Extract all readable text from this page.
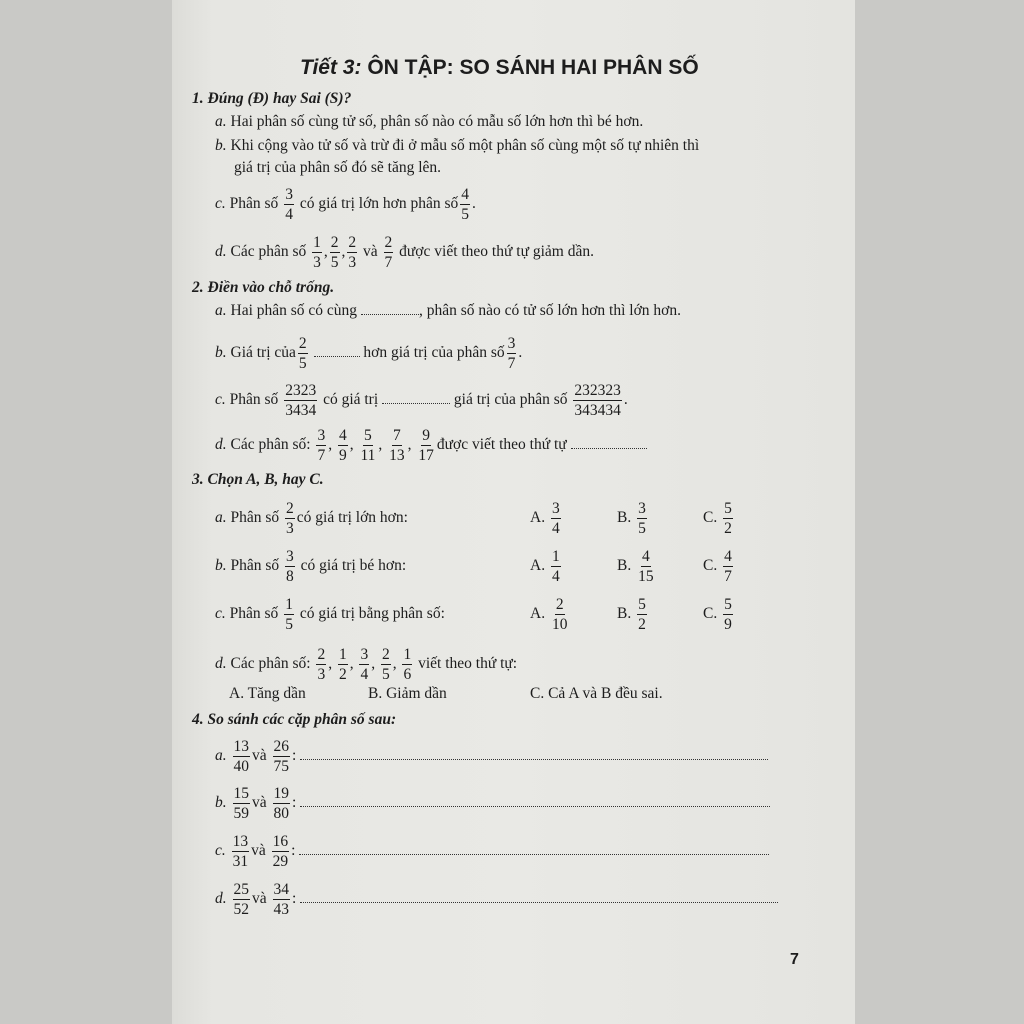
Tiết 3: ÔN TẬP: SO SÁNH HAI PHÂN SỐ
1. Đúng (Đ) hay Sai (S)?
a. Hai phân số cùng tử số, phân số nào có mẫu số lớn hơn thì bé hơn.
b. Khi cộng vào tử số và trừ đi ở mẫu số một phân số cùng một số tự nhiên thì
giá trị của phân số đó sẽ tăng lên.
c. Phân số $\frac{3}{4}$ có giá trị lớn hơn phân số $\frac{4}{5}$ .
d. Các phân số $\frac{1}{3}$ , $\frac{2}{5}$ , $\frac{2}{3}$ và $\frac{2}{7}$ được viết theo thứ tự giảm dần.
2. Điền vào chỗ trống.
a. Hai phân số có cùng	, phân số nào có tử số lớn hơn thì lớn hơn.
b. Giá trị của $\frac{2}{5}$	hơn giá trị của phân số $\frac{3}{7}$ .
c. Phân số $\frac{2323}{3434}$ có giá trị	giá trị của phân số $\frac{232323}{343434}$ .
d. Các phân số: $\frac{3}{7}$ , $\frac{4}{9}$ , $\frac{5}{11}$ , $\frac{7}{13}$ , $\frac{9}{17}$ được viết theo thứ tự
3. Chọn A, B, hay C.
a. Phân số $\frac{2}{3}$ có giá trị lớn hơn:	A. $\frac{3}{4}$	B. $\frac{3}{5}$	C. $\frac{5}{2}$
b. Phân số $\frac{3}{8}$ có giá trị bé hơn:	A. $\frac{1}{4}$	B. $\frac{4}{15}$	C. $\frac{4}{7}$
c. Phân số $\frac{1}{5}$ có giá trị bằng phân số:	A. $\frac{2}{10}$	B. $\frac{5}{2}$	C. $\frac{5}{9}$
d. Các phân số: $\frac{2}{3}$ , $\frac{1}{2}$ , $\frac{3}{4}$ , $\frac{2}{5}$ , $\frac{1}{6}$ viết theo thứ tự:
A. Tăng dần	B. Giảm dần	C. Cả A và B đều sai.
4. So sánh các cặp phân số sau:
a. $\frac{13}{40}$ và $\frac{26}{75}$ :
b. $\frac{15}{59}$ và $\frac{19}{80}$ :
c. $\frac{13}{31}$ và $\frac{16}{29}$ :
d. $\frac{25}{52}$ và $\frac{34}{43}$ :
7
